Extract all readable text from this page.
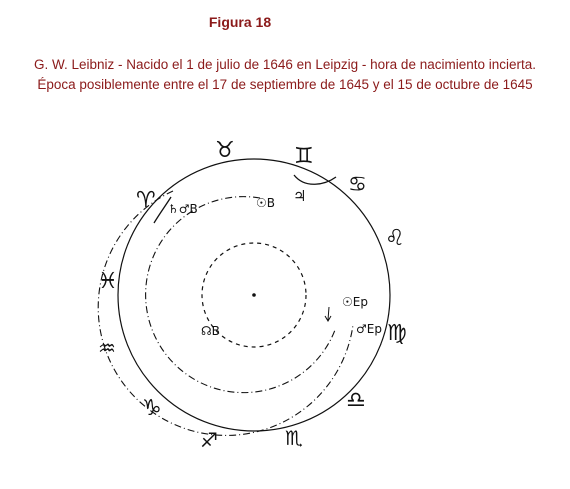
Figura 18
G. W. Leibniz - Nacido el 1 de julio de 1646 en Leipzig - hora de nacimiento incierta.
Época posiblemente entre el 17 de septiembre de 1645 y el 15 de octubre de 1645
♉	♊
♋
♌
♍
♎
♏
♐
♑
♒
♓
♈ ♄♂B	☉B ♃
☊B
☉Ep
♂Ep
